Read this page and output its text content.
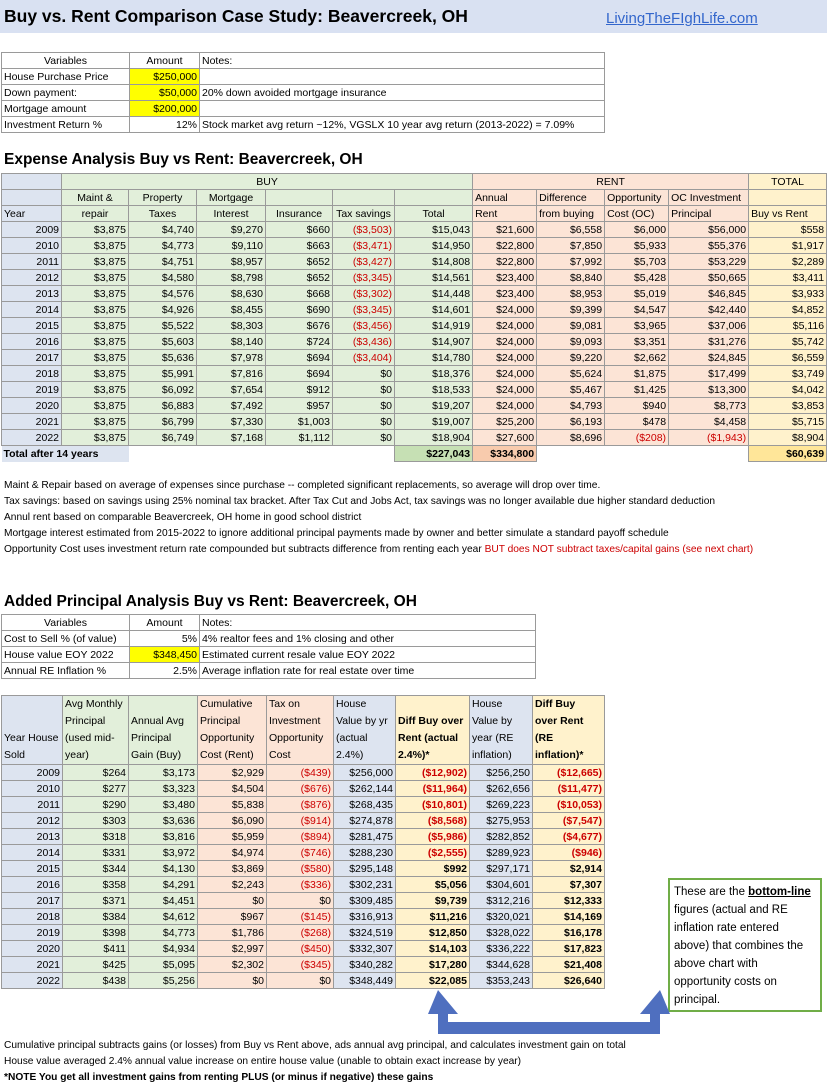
Buy vs. Rent Comparison Case Study: Beavercreek, OH	LivingTheFIghLife.com
Variables	Amount	Notes:
House Purchase Price	$250,000	
Down payment:	$50,000	20% down avoided mortgage insurance
Mortgage amount	$200,000	
Investment Return %	12%	Stock market avg return ~12%, VGSLX 10 year avg return (2013-2022) = 7.09%
Expense Analysis Buy vs Rent: Beavercreek, OH
	BUY						RENT				TOTAL
	Maint &	Property	Mortgage				Annual	Difference	Opportunity	OC Investment	
Year	repair	Taxes	Interest	Insurance	Tax savings	Total	Rent	from buying	Cost (OC)	Principal	Buy vs Rent
2009	$3,875	$4,740	$9,270	$660	($3,503)	$15,043	$21,600	$6,558	$6,000	$56,000	$558
2010	$3,875	$4,773	$9,110	$663	($3,471)	$14,950	$22,800	$7,850	$5,933	$55,376	$1,917
2011	$3,875	$4,751	$8,957	$652	($3,427)	$14,808	$22,800	$7,992	$5,703	$53,229	$2,289
2012	$3,875	$4,580	$8,798	$652	($3,345)	$14,561	$23,400	$8,840	$5,428	$50,665	$3,411
2013	$3,875	$4,576	$8,630	$668	($3,302)	$14,448	$23,400	$8,953	$5,019	$46,845	$3,933
2014	$3,875	$4,926	$8,455	$690	($3,345)	$14,601	$24,000	$9,399	$4,547	$42,440	$4,852
2015	$3,875	$5,522	$8,303	$676	($3,456)	$14,919	$24,000	$9,081	$3,965	$37,006	$5,116
2016	$3,875	$5,603	$8,140	$724	($3,436)	$14,907	$24,000	$9,093	$3,351	$31,276	$5,742
2017	$3,875	$5,636	$7,978	$694	($3,404)	$14,780	$24,000	$9,220	$2,662	$24,845	$6,559
2018	$3,875	$5,991	$7,816	$694	$0	$18,376	$24,000	$5,624	$1,875	$17,499	$3,749
2019	$3,875	$6,092	$7,654	$912	$0	$18,533	$24,000	$5,467	$1,425	$13,300	$4,042
2020	$3,875	$6,883	$7,492	$957	$0	$19,207	$24,000	$4,793	$940	$8,773	$3,853
2021	$3,875	$6,799	$7,330	$1,003	$0	$19,007	$25,200	$6,193	$478	$4,458	$5,715
2022	$3,875	$6,749	$7,168	$1,112	$0	$18,904	$27,600	$8,696	($208)	($1,943)	$8,904
Total after 14 years						$227,043	$334,800				$60,639
Maint & Repair based on average of expenses since purchase -- completed significant replacements, so average will drop over time.
Tax savings: based on savings using 25% nominal tax bracket. After Tax Cut and Jobs Act, tax savings was no longer available due higher standard deduction
Annul rent based on comparable Beavercreek, OH home in good school district
Mortgage interest estimated from 2015-2022 to ignore additional principal payments made by owner and better simulate a standard payoff schedule
Opportunity Cost uses investment return rate compounded but subtracts difference from renting each year BUT does NOT subtract taxes/capital gains (see next chart)
Added Principal Analysis Buy vs Rent: Beavercreek, OH
Variables	Amount	Notes:
Cost to Sell % (of value)	5%	4% realtor fees and 1% closing and other
House value EOY 2022	$348,450	Estimated current resale value EOY 2022
Annual RE Inflation %	2.5%	Average inflation rate for real estate over time
	Avg Monthly		Cumulative	Tax on	House		House	Diff Buy
	Principal	Annual Avg	Principal	Investment	Value by yr	Diff Buy over	Value by	over Rent
Year House	(used mid-	Principal	Opportunity	Opportunity	(actual	Rent (actual	year (RE	(RE
Sold	year)	Gain (Buy)	Cost (Rent)	Cost	2.4%)	2.4%)*	inflation)	inflation)*
2009	$264	$3,173	$2,929	($439)	$256,000	($12,902)	$256,250	($12,665)
2010	$277	$3,323	$4,504	($676)	$262,144	($11,964)	$262,656	($11,477)
2011	$290	$3,480	$5,838	($876)	$268,435	($10,801)	$269,223	($10,053)
2012	$303	$3,636	$6,090	($914)	$274,878	($8,568)	$275,953	($7,547)
2013	$318	$3,816	$5,959	($894)	$281,475	($5,986)	$282,852	($4,677)
2014	$331	$3,972	$4,974	($746)	$288,230	($2,555)	$289,923	($946)
2015	$344	$4,130	$3,869	($580)	$295,148	$992	$297,171	$2,914
2016	$358	$4,291	$2,243	($336)	$302,231	$5,056	$304,601	$7,307
2017	$371	$4,451	$0	$0	$309,485	$9,739	$312,216	$12,333
2018	$384	$4,612	$967	($145)	$316,913	$11,216	$320,021	$14,169
2019	$398	$4,773	$1,786	($268)	$324,519	$12,850	$328,022	$16,178
2020	$411	$4,934	$2,997	($450)	$332,307	$14,103	$336,222	$17,823
2021	$425	$5,095	$2,302	($345)	$340,282	$17,280	$344,628	$21,408
2022	$438	$5,256	$0	$0	$348,449	$22,085	$353,243	$26,640
These are the bottom-line figures (actual and RE inflation rate entered above) that combines the above chart with opportunity costs on principal.
Cumulative principal subtracts gains (or losses) from Buy vs Rent above, ads annual avg principal, and calculates investment gain on total
House value averaged 2.4% annual value increase on entire house value (unable to obtain exact increase by year)
*NOTE You get all investment gains from renting PLUS (or minus if negative) these gains
